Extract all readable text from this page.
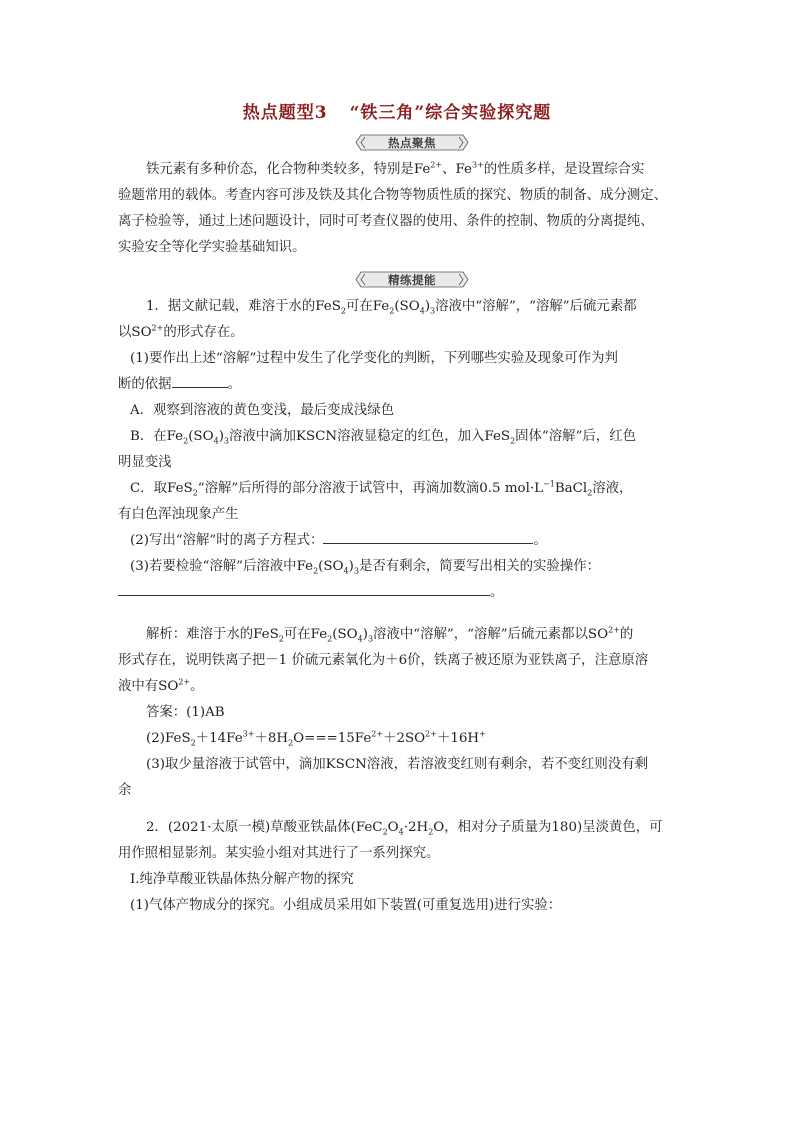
热点题型3 “铁三角”综合实验探究题
热点聚焦
铁元素有多种价态，化合物种类较多，特别是$Fe^{2+}$、$Fe^{3+}$的性质多样，是设置综合实
验题常用的载体。考查内容可涉及铁及其化合物等物质性质的探究、物质的制备、成分测定、
离子检验等，通过上述问题设计，同时可考查仪器的使用、条件的控制、物质的分离提纯、
实验安全等化学实验基础知识。
精练提能
1．据文献记载，难溶于水的FeS$_2$可在$Fe_2(SO_4)_3$溶液中“溶解”，“溶解”后硫元素都
以$SO^{2+}$的形式存在。
(1)要作出上述“溶解”过程中发生了化学变化的判断，下列哪些实验及现象可作为判
断的依据	。
A．观察到溶液的黄色变浅，最后变成浅绿色
B．在$Fe_2(SO_4)_3$溶液中滴加KSCN溶液显稳定的红色，加入FeS$_2$固体“溶解”后，红色
明显变浅
C．取FeS$_2$“溶解”后所得的部分溶液于试管中，再滴加数滴0.5 $mol\cdot L^{-1}BaCl_2$溶液，
有白色浑浊现象产生
(2)写出“溶解”时的离子方程式：	。
(3)若要检验“溶解”后溶液中$Fe_2(SO_4)_3$是否有剩余，简要写出相关的实验操作：
。
解析：难溶于水的FeS$_2$可在$Fe_2(SO_4)_3$溶液中“溶解”，“溶解”后硫元素都以$SO^{2+}$的
形式存在，说明铁离子把－1 价硫元素氧化为＋6价，铁离子被还原为亚铁离子，注意原溶
液中有$SO^{2+}$。
答案：(1)AB
$(2)FeS_2+14Fe^{3+}+8H_2O===15Fe^{2+}+2SO^{2+}+16H^+$
(3)取少量溶液于试管中，滴加KSCN溶液，若溶液变红则有剩余，若不变红则没有剩
余
2．(2021·太原一模)草酸亚铁晶体($FeC_2O_4\cdot 2H_2O$，相对分子质量为180)呈淡黄色，可
用作照相显影剂。某实验小组对其进行了一系列探究。
Ⅰ.纯净草酸亚铁晶体热分解产物的探究
(1)气体产物成分的探究。小组成员采用如下装置(可重复选用)进行实验：
